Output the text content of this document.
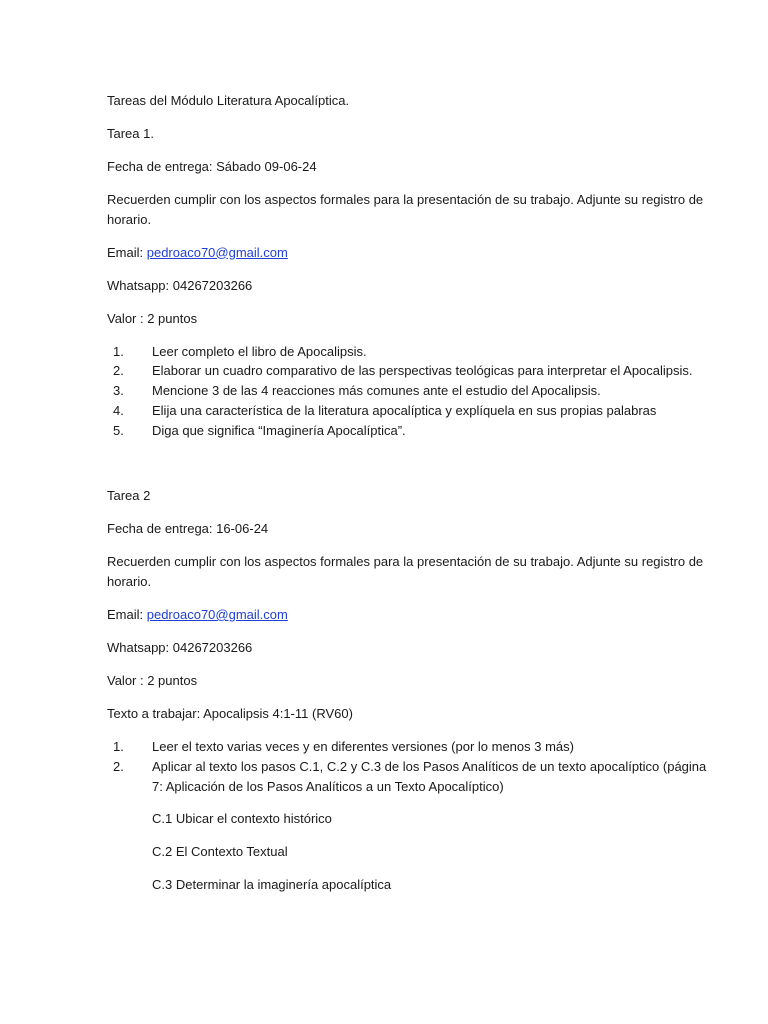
Tareas del Módulo Literatura Apocalíptica.

Tarea 1.

Fecha de entrega: Sábado 09-06-24

Recuerden cumplir con los aspectos formales para la presentación de su trabajo. Adjunte su registro de horario.

Email: pedroaco70@gmail.com

Whatsapp: 04267203266

Valor : 2 puntos

1. Leer completo el libro de Apocalipsis.
2. Elaborar un cuadro comparativo de las perspectivas teológicas para interpretar el Apocalipsis.
3. Mencione 3 de las 4 reacciones más comunes ante el estudio del Apocalipsis.
4. Elija una característica de la literatura apocalíptica y explíquela en sus propias palabras
5. Diga que significa “Imaginería Apocalíptica”.

Tarea 2

Fecha de entrega: 16-06-24

Recuerden cumplir con los aspectos formales para la presentación de su trabajo. Adjunte su registro de horario.

Email: pedroaco70@gmail.com

Whatsapp: 04267203266

Valor : 2 puntos

Texto a trabajar: Apocalipsis 4:1-11 (RV60)

1. Leer el texto varias veces y en diferentes versiones (por lo menos 3 más)
2. Aplicar al texto los pasos C.1, C.2 y C.3 de los Pasos Analíticos de un texto apocalíptico (página 7: Aplicación de los Pasos Analíticos a un Texto Apocalíptico)

C.1 Ubicar el contexto histórico

C.2 El Contexto Textual

C.3 Determinar la imaginería apocalíptica
